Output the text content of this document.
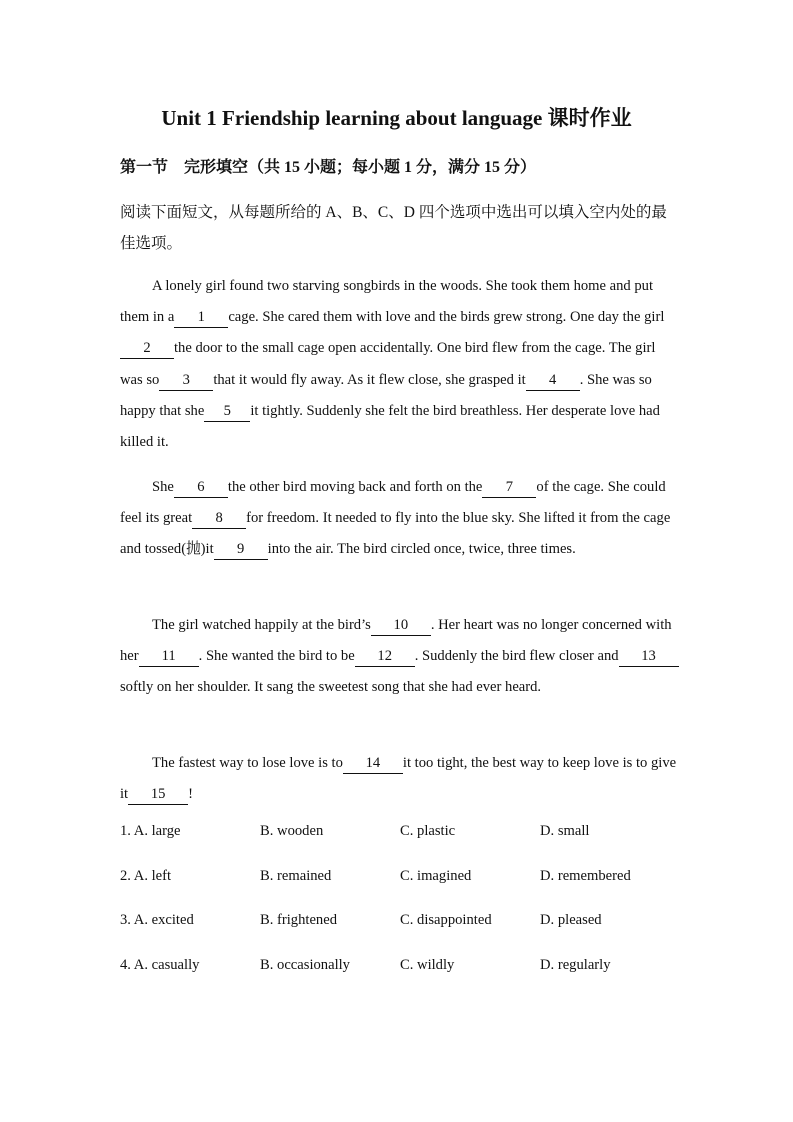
Unit 1 Friendship learning about language 课时作业
第一节　完形填空（共 15 小题；每小题 1 分，满分 15 分）
阅读下面短文，从每题所给的 A、B、C、D 四个选项中选出可以填入空内处的最佳选项。
A lonely girl found two starving songbirds in the woods. She took them home and put them in a 1 cage. She cared them with love and the birds grew strong. One day the girl2 the door to the small cage open accidentally. One bird flew from the cage. The girl was so 3 that it would fly away. As it flew close, she grasped it 4 . She was so happy that she 5 it tightly. Suddenly she felt the bird breathless. Her desperate love had killed it.
She 6 the other bird moving back and forth on the 7 of the cage. She could feel its great 8 for freedom. It needed to fly into the blue sky. She lifted it from the cage and tossed(抛)it 9 into the air. The bird circled once, twice, three times.
The girl watched happily at the bird’s 10 . Her heart was no longer concerned with her 11 . She wanted the bird to be 12 . Suddenly the bird flew closer and 13softly on her shoulder. It sang the sweetest song that she had ever heard.
The fastest way to lose love is to 14 it too tight, the best way to keep love is to give it 15 !
1. A. large	B. wooden	C. plastic	D. small
2. A. left	B. remained	C. imagined	D. remembered
3. A. excited	B. frightened	C. disappointed	D. pleased
4. A. casually	B. occasionally	C. wildly	D. regularly
